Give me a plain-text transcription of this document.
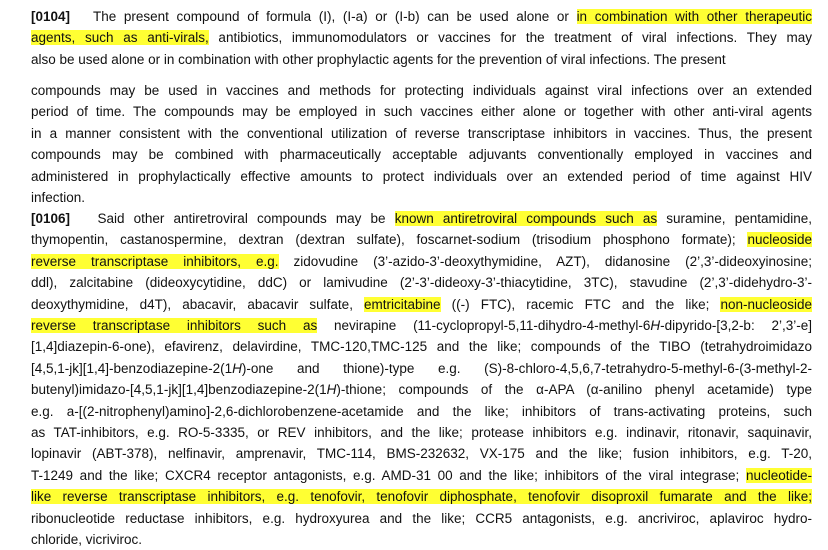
[0104] The present compound of formula (I), (I-a) or (I-b) can be used alone or in combination with other therapeutic
agents, such as anti-virals, antibiotics, immunomodulators or vaccines for the treatment of viral infections. They may
also be used alone or in combination with other prophylactic agents for the prevention of viral infections. The present
compounds may be used in vaccines and methods for protecting individuals against viral infections over an extended
period of time. The compounds may be employed in such vaccines either alone or together with other anti-viral agents
in a manner consistent with the conventional utilization of reverse transcriptase inhibitors in vaccines. Thus, the present
compounds may be combined with pharmaceutically acceptable adjuvants conventionally employed in vaccines and
administered in prophylactically effective amounts to protect individuals over an extended period of time against HIV
infection.
[0106] Said other antiretroviral compounds may be known antiretroviral compounds such as suramine, pentamidine,
thymopentin, castanospermine, dextran (dextran sulfate), foscarnet-sodium (trisodium phosphono formate); nucleoside
reverse transcriptase inhibitors, e.g. zidovudine (3’-azido-3’-deoxythymidine, AZT), didanosine (2’,3’-dideoxyinosine;
ddl), zalcitabine (dideoxycytidine, ddC) or lamivudine (2’-3’-dideoxy-3’-thiacytidine, 3TC), stavudine (2’,3’-didehydro-3’-
deoxythymidine, d4T), abacavir, abacavir sulfate, emtricitabine ((-) FTC), racemic FTC and the like; non-nucleoside
reverse transcriptase inhibitors such as nevirapine (11-cyclopropyl-5,11-dihydro-4-methyl-6H-dipyrido-[3,2-b: 2’,3’-e]
[1,4]diazepin-6-one), efavirenz, delavirdine, TMC-120,TMC-125 and the like; compounds of the TIBO (tetrahydroimidazo
[4,5,1-jk][1,4]-benzodiazepine-2(1H)-one and thione)-type e.g. (S)-8-chloro-4,5,6,7-tetrahydro-5-methyl-6-(3-methyl-2-
butenyl)imidazo-[4,5,1-jk][1,4]benzodiazepine-2(1H)-thione; compounds of the α-APA (α-anilino phenyl acetamide) type
e.g. a-[(2-nitrophenyl)amino]-2,6-dichlorobenzene-acetamide and the like; inhibitors of trans-activating proteins, such
as TAT-inhibitors, e.g. RO-5-3335, or REV inhibitors, and the like; protease inhibitors e.g. indinavir, ritonavir, saquinavir,
lopinavir (ABT-378), nelfinavir, amprenavir, TMC-114, BMS-232632, VX-175 and the like; fusion inhibitors, e.g. T-20,
T-1249 and the like; CXCR4 receptor antagonists, e.g. AMD-31 00 and the like; inhibitors of the viral integrase; nucleotide-
like reverse transcriptase inhibitors, e.g. tenofovir, tenofovir diphosphate, tenofovir disoproxil fumarate and the like;
ribonucleotide reductase inhibitors, e.g. hydroxyurea and the like; CCR5 antagonists, e.g. ancriviroc, aplaviroc hydro-
chloride, vicriviroc.
